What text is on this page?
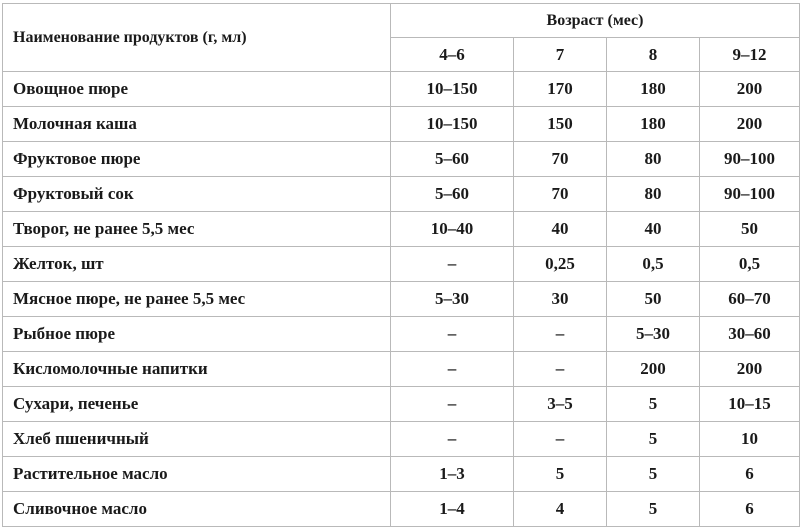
Наименование продуктов (г, мл)	Возраст (мес)			
	4–6	7	8	9–12
Овощное пюре	10–150	170	180	200
Молочная каша	10–150	150	180	200
Фруктовое пюре	5–60	70	80	90–100
Фруктовый сок	5–60	70	80	90–100
Творог, не ранее 5,5 мес	10–40	40	40	50
Желток, шт	–	0,25	0,5	0,5
Мясное пюре, не ранее 5,5 мес	5–30	30	50	60–70
Рыбное пюре	–	–	5–30	30–60
Кисломолочные напитки	–	–	200	200
Сухари, печенье	–	3–5	5	10–15
Хлеб пшеничный	–	–	5	10
Растительное масло	1–3	5	5	6
Сливочное масло	1–4	4	5	6
